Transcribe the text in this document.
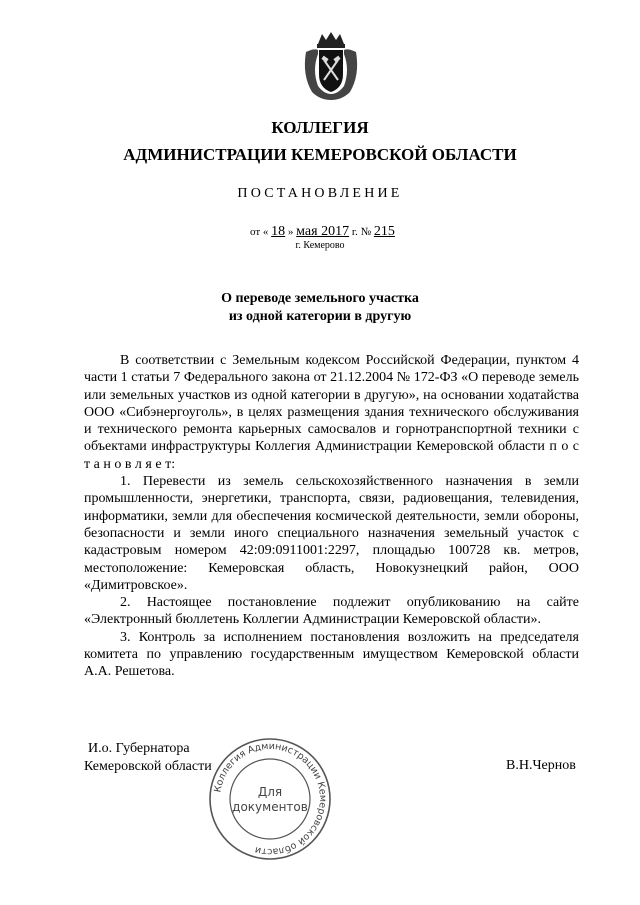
КОЛЛЕГИЯ
АДМИНИСТРАЦИИ КЕМЕРОВСКОЙ ОБЛАСТИ
ПОСТАНОВЛЕНИЕ
от « 18 » мая 2017 г. № 215
г. Кемерово
О переводе земельного участка
из одной категории в другую

В соответствии с Земельным кодексом Российской Федерации, пунктом 4 части 1 статьи 7 Федерального закона от 21.12.2004 № 172-ФЗ «О переводе земель или земельных участков из одной категории в другую», на основании ходатайства ООО «Сибэнергоуголь», в целях размещения здания технического обслуживания и технического ремонта карьерных самосвалов и горнотранспортной техники с объектами инфраструктуры Коллегия Администрации Кемеровской области п о с т а н о в л я е т:

1. Перевести из земель сельскохозяйственного назначения в земли промышленности, энергетики, транспорта, связи, радиовещания, телевидения, информатики, земли для обеспечения космической деятельности, земли обороны, безопасности и земли иного специального назначения земельный участок с кадастровым номером 42:09:0911001:2297, площадью 100728 кв. метров, местоположение: Кемеровская область, Новокузнецкий район, ООО «Димитровское».

2. Настоящее постановление подлежит опубликованию на сайте «Электронный бюллетень Коллегии Администрации Кемеровской области».

3. Контроль за исполнением постановления возложить на председателя комитета по управлению государственным имуществом Кемеровской области А.А. Решетова.

И.о. Губернатора
Кемеровской области	В.Н.Чернов
Коллегия Администрации Кемеровской области
Для
документов
